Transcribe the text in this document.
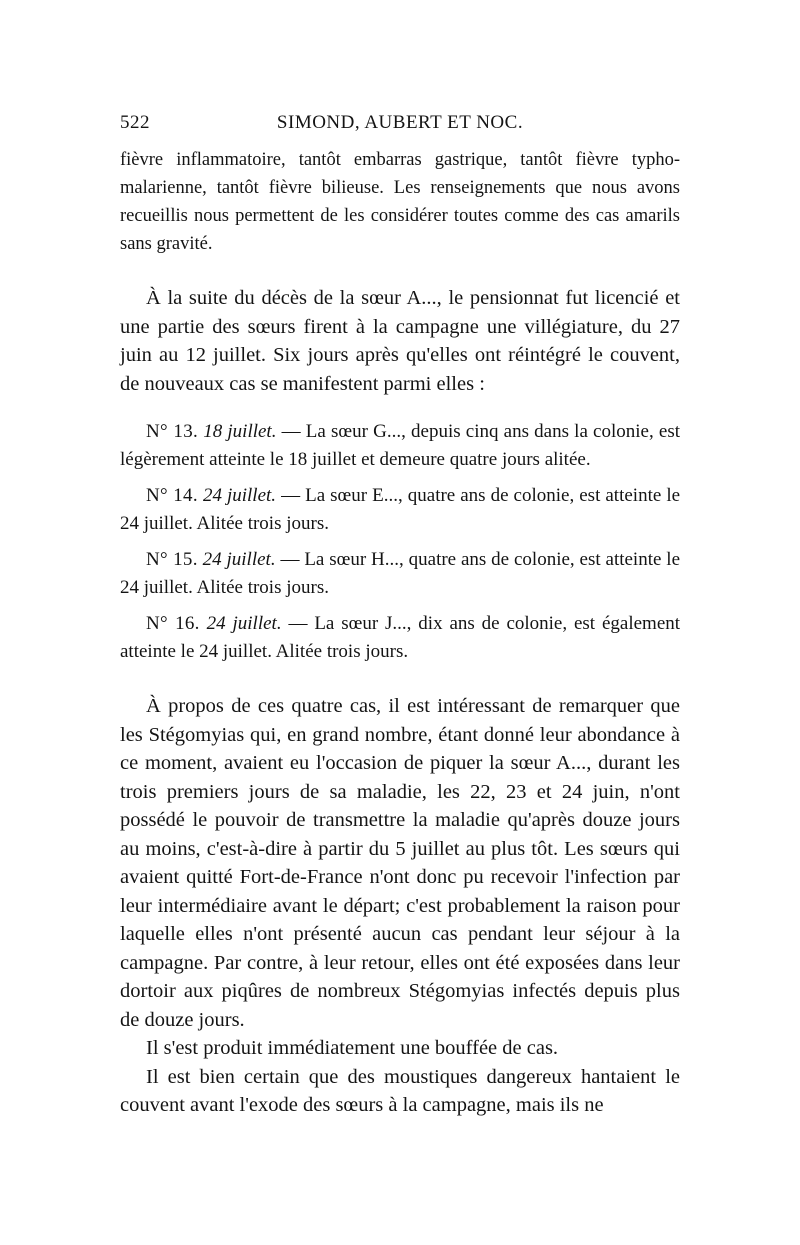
522	SIMOND, AUBERT ET NOC.

fièvre inflammatoire, tantôt embarras gastrique, tantôt fièvre typho-malarienne, tantôt fièvre bilieuse. Les renseignements que nous avons recueillis nous permettent de les considérer toutes comme des cas amarils sans gravité.

À la suite du décès de la sœur A..., le pensionnat fut licencié et une partie des sœurs firent à la campagne une villégiature, du 27 juin au 12 juillet. Six jours après qu'elles ont réintégré le couvent, de nouveaux cas se manifestent parmi elles :

N° 13. 18 juillet. — La sœur G..., depuis cinq ans dans la colonie, est légèrement atteinte le 18 juillet et demeure quatre jours alitée.

N° 14. 24 juillet. — La sœur E..., quatre ans de colonie, est atteinte le 24 juillet. Alitée trois jours.

N° 15. 24 juillet. — La sœur H..., quatre ans de colonie, est atteinte le 24 juillet. Alitée trois jours.

N° 16. 24 juillet. — La sœur J..., dix ans de colonie, est également atteinte le 24 juillet. Alitée trois jours.

À propos de ces quatre cas, il est intéressant de remarquer que les Stégomyias qui, en grand nombre, étant donné leur abondance à ce moment, avaient eu l'occasion de piquer la sœur A..., durant les trois premiers jours de sa maladie, les 22, 23 et 24 juin, n'ont possédé le pouvoir de transmettre la maladie qu'après douze jours au moins, c'est-à-dire à partir du 5 juillet au plus tôt. Les sœurs qui avaient quitté Fort-de-France n'ont donc pu recevoir l'infection par leur intermédiaire avant le départ; c'est probablement la raison pour laquelle elles n'ont présenté aucun cas pendant leur séjour à la campagne. Par contre, à leur retour, elles ont été exposées dans leur dortoir aux piqûres de nombreux Stégomyias infectés depuis plus de douze jours.

Il s'est produit immédiatement une bouffée de cas.

Il est bien certain que des moustiques dangereux hantaient le couvent avant l'exode des sœurs à la campagne, mais ils ne
